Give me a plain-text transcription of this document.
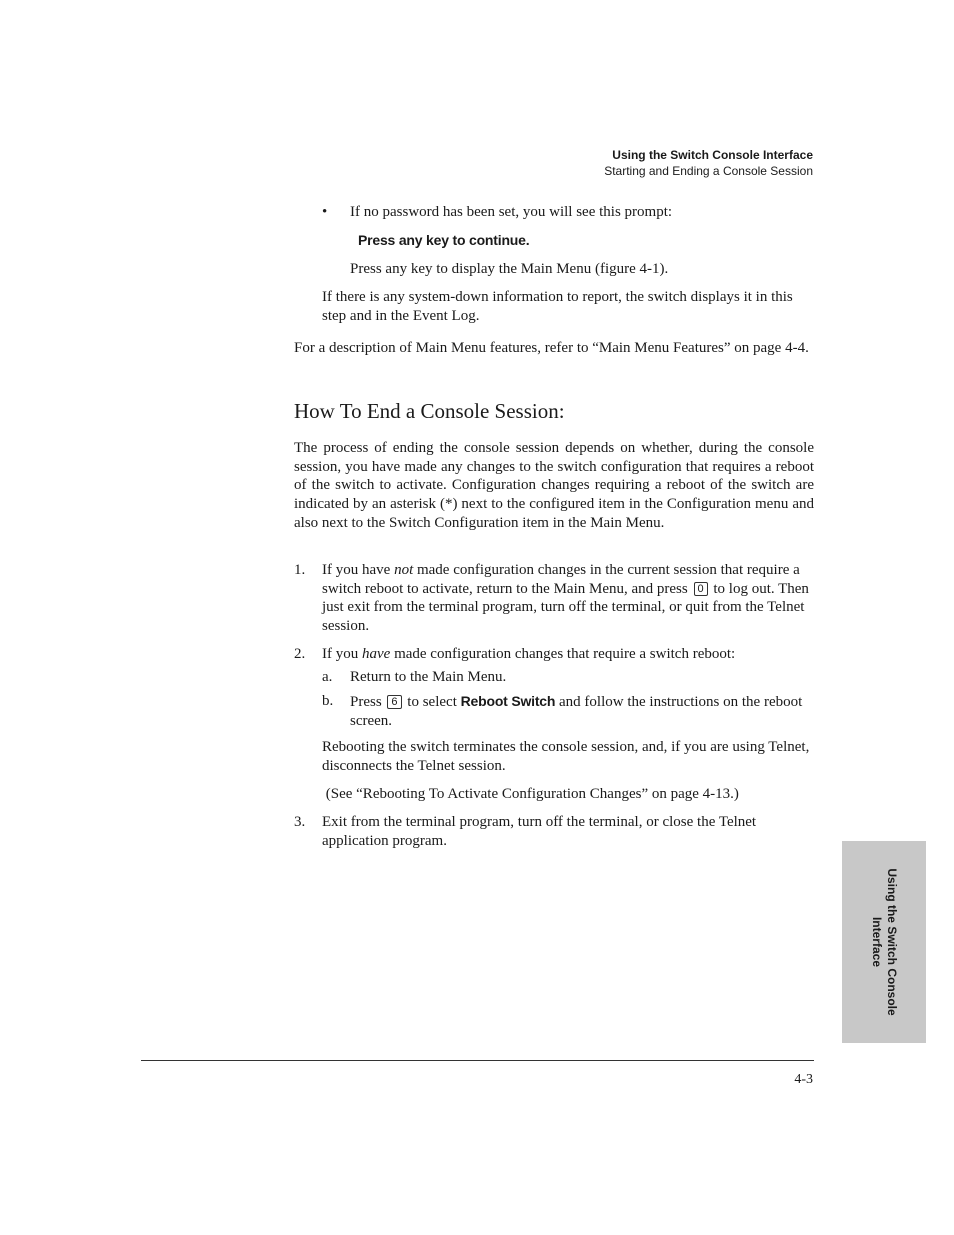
Using the Switch Console Interface
Starting and Ending a Console Session
• If no password has been set, you will see this prompt:
Press any key to continue.
Press any key to display the Main Menu (figure 4-1).
If there is any system-down information to report, the switch displays it in this step and in the Event Log.
For a description of Main Menu features, refer to “Main Menu Features” on page 4-4.
How To End a Console Session:
The process of ending the console session depends on whether, during the console session, you have made any changes to the switch configuration that requires a reboot of the switch to activate. Configuration changes requiring a reboot of the switch are indicated by an asterisk (*) next to the configured item in the Configuration menu and also next to the Switch Configuration item in the Main Menu.
1. If you have not made configuration changes in the current session that require a switch reboot to activate, return to the Main Menu, and press 0 to log out. Then just exit from the terminal program, turn off the terminal, or quit from the Telnet session.
2. If you have made configuration changes that require a switch reboot:
a. Return to the Main Menu.
b. Press 6 to select Reboot Switch and follow the instructions on the reboot screen.
Rebooting the switch terminates the console session, and, if you are using Telnet, disconnects the Telnet session.
(See “Rebooting To Activate Configuration Changes” on page 4-13.)
3. Exit from the terminal program, turn off the terminal, or close the Telnet application program.
Using the Switch Console
Interface
4-3
